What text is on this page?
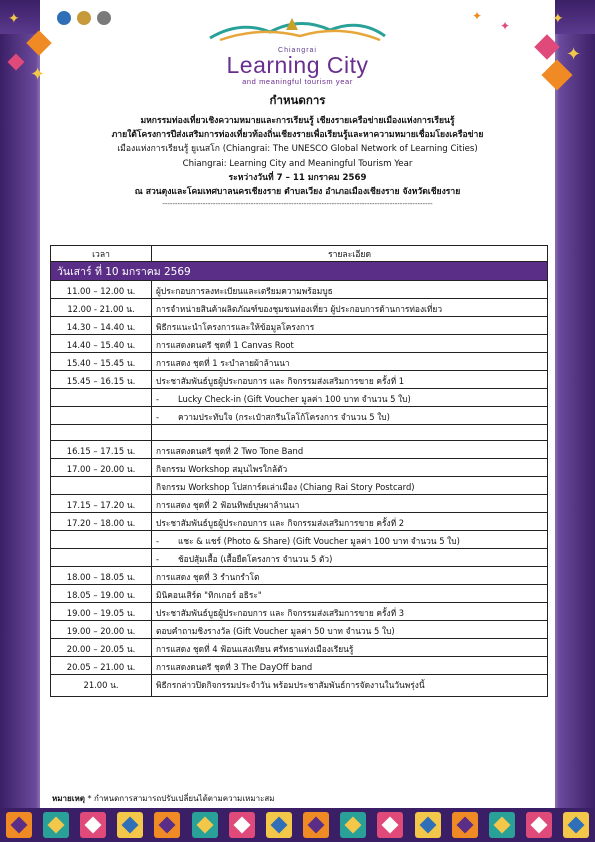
✦
✦
✦
✦
✦
✦
Chiangrai
Learning City
and meaningful tourism year
กำหนดการ
มหกรรมท่องเที่ยวเชิงความหมายและการเรียนรู้ เชียงรายเครือข่ายเมืองแห่งการเรียนรู้
ภายใต้โครงการปีส่งเสริมการท่องเที่ยวท้องถิ่นเชียงรายเพื่อเรียนรู้และหาความหมายเชื่อมโยงเครือข่าย
เมืองแห่งการเรียนรู้ ยูเนสโก (Chiangrai: The UNESCO Global Network of Learning Cities)
Chiangrai: Learning City and Meaningful Tourism Year
ระหว่างวันที่ 7 – 11 มกราคม 2569
ณ สวนตุงและโคมเทศบาลนครเชียงราย ตำบลเวียง อำเภอเมืองเชียงราย จังหวัดเชียงราย
-----------------------------------------------------------------------------------------------------------
เวลา	รายละเอียด
วันเสาร์ ที่ 10 มกราคม 2569	
11.00 – 12.00 น.	ผู้ประกอบการลงทะเบียนและเตรียมความพร้อมบูธ
12.00 - 21.00 น.	การจำหน่ายสินค้าผลิตภัณฑ์ของชุมชนท่องเที่ยว ผู้ประกอบการด้านการท่องเที่ยว
14.30 – 14.40 น.	พิธีกรแนะนำโครงการและให้ข้อมูลโครงการ
14.40 – 15.40 น.	การแสดงดนตรี ชุดที่ 1 Canvas Root
15.40 – 15.45 น.	การแสดง ชุดที่ 1 ระบำลายผ้าล้านนา
15.45 – 16.15 น.	ประชาสัมพันธ์บูธผู้ประกอบการ และ กิจกรรมส่งเสริมการขาย ครั้งที่ 1
	- Lucky Check-in (Gift Voucher มูลค่า 100 บาท จำนวน 5 ใบ)
	- ความประทับใจ (กระเป๋าสกรีนโลโก้โครงการ จำนวน 5 ใบ)

16.15 – 17.15 น.	การแสดงดนตรี ชุดที่ 2 Two Tone Band
17.00 – 20.00 น.	กิจกรรม Workshop สมุนไพรใกล้ตัว
	กิจกรรม Workshop โปสการ์ดเล่าเมือง (Chiang Rai Story Postcard)
17.15 – 17.20 น.	การแสดง ชุดที่ 2 ฟ้อนทิพย์บุษผาล้านนา
17.20 – 18.00 น.	ประชาสัมพันธ์บูธผู้ประกอบการ และ กิจกรรมส่งเสริมการขาย ครั้งที่ 2
	- แชะ & แชร์ (Photo & Share) (Gift Voucher มูลค่า 100 บาท จำนวน 5 ใบ)
	- ช้อปสุ้มเสื้อ (เสื้อยืดโครงการ จำนวน 5 ตัว)
18.00 – 18.05 น.	การแสดง ชุดที่ 3 รำนกรำโต
18.05 – 19.00 น.	มินิคอนเสิร์ต "ทิกเกอร์ อธิระ"
19.00 – 19.05 น.	ประชาสัมพันธ์บูธผู้ประกอบการ และ กิจกรรมส่งเสริมการขาย ครั้งที่ 3
19.00 – 20.00 น.	ตอบคำถามชิงรางวัล (Gift Voucher มูลค่า 50 บาท จำนวน 5 ใบ)
20.00 – 20.05 น.	การแสดง ชุดที่ 4 ฟ้อนแสงเทียน ศรัทธาแห่งเมืองเรียนรู้
20.05 – 21.00 น.	การแสดงดนตรี ชุดที่ 3 The DayOff band
21.00 น.	พิธีกรกล่าวปิดกิจกรรมประจำวัน พร้อมประชาสัมพันธ์การจัดงานในวันพรุ่งนี้
หมายเหตุ * กำหนดการสามารถปรับเปลี่ยนได้ตามความเหมาะสม
